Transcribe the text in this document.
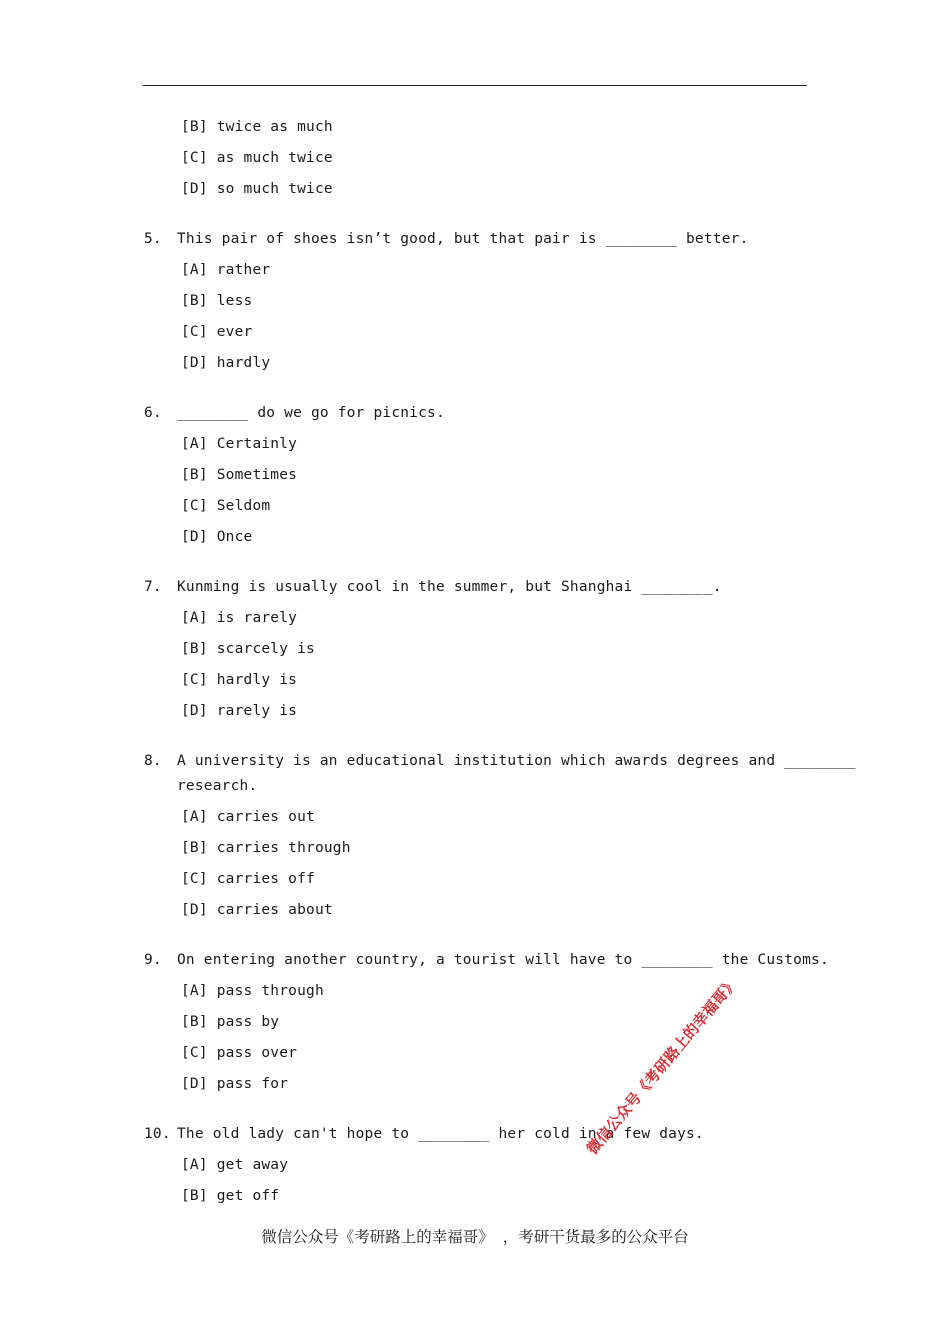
[B] twice as much
[C] as much twice
[D] so much twice
5. This pair of shoes isn’t good, but that pair is ________ better.
[A] rather
[B] less
[C] ever
[D] hardly
6. ________ do we go for picnics.
[A] Certainly
[B] Sometimes
[C] Seldom
[D] Once
7. Kunming is usually cool in the summer, but Shanghai ________.
[A] is rarely
[B] scarcely is
[C] hardly is
[D] rarely is
8. A university is an educational institution which awards degrees and ________
research.
[A] carries out
[B] carries through
[C] carries off
[D] carries about
9. On entering another country, a tourist will have to ________ the Customs.
[A] pass through
[B] pass by
[C] pass over
[D] pass for
10. The old lady can't hope to ________ her cold in a few days.
[A] get away
[B] get off
微信公众号《考研路上的幸福哥》
微信公众号《考研路上的幸福哥》 ，考研干货最多的公众平台
